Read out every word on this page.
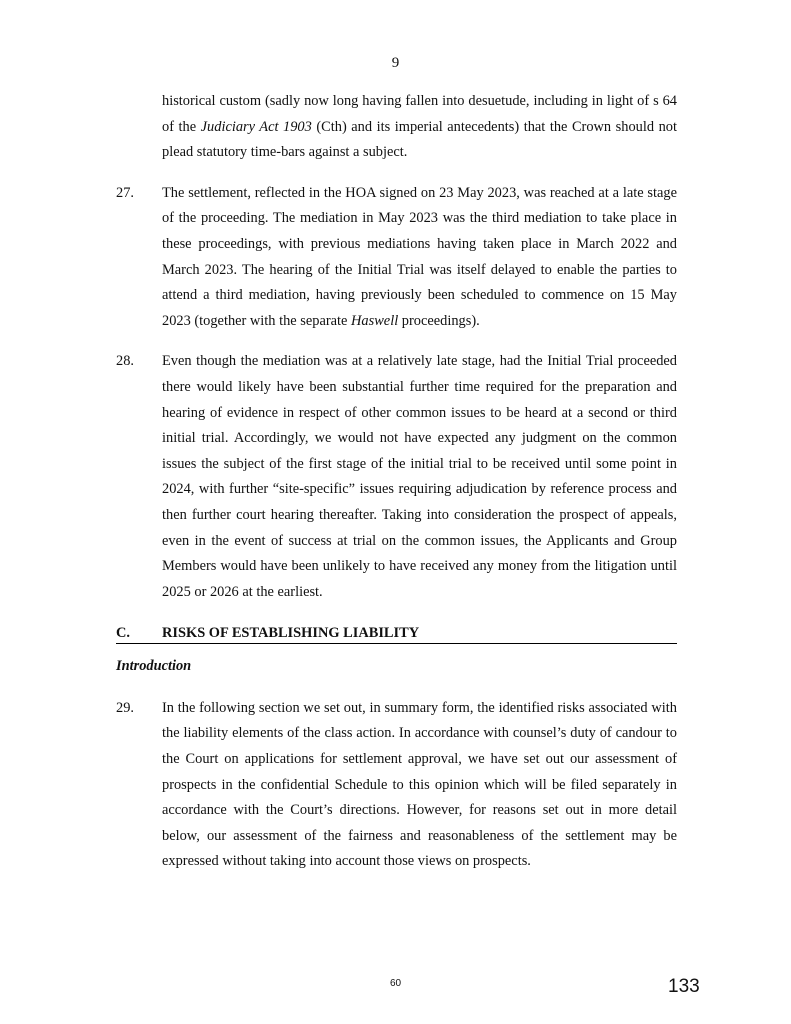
9
historical custom (sadly now long having fallen into desuetude, including in light of s 64 of the Judiciary Act 1903 (Cth) and its imperial antecedents) that the Crown should not plead statutory time-bars against a subject.
27.	The settlement, reflected in the HOA signed on 23 May 2023, was reached at a late stage of the proceeding. The mediation in May 2023 was the third mediation to take place in these proceedings, with previous mediations having taken place in March 2022 and March 2023. The hearing of the Initial Trial was itself delayed to enable the parties to attend a third mediation, having previously been scheduled to commence on 15 May 2023 (together with the separate Haswell proceedings).
28.	Even though the mediation was at a relatively late stage, had the Initial Trial proceeded there would likely have been substantial further time required for the preparation and hearing of evidence in respect of other common issues to be heard at a second or third initial trial. Accordingly, we would not have expected any judgment on the common issues the subject of the first stage of the initial trial to be received until some point in 2024, with further “site-specific” issues requiring adjudication by reference process and then further court hearing thereafter. Taking into consideration the prospect of appeals, even in the event of success at trial on the common issues, the Applicants and Group Members would have been unlikely to have received any money from the litigation until 2025 or 2026 at the earliest.
C.	RISKS OF ESTABLISHING LIABILITY
Introduction
29.	In the following section we set out, in summary form, the identified risks associated with the liability elements of the class action. In accordance with counsel’s duty of candour to the Court on applications for settlement approval, we have set out our assessment of prospects in the confidential Schedule to this opinion which will be filed separately in accordance with the Court’s directions. However, for reasons set out in more detail below, our assessment of the fairness and reasonableness of the settlement may be expressed without taking into account those views on prospects.
60	133
